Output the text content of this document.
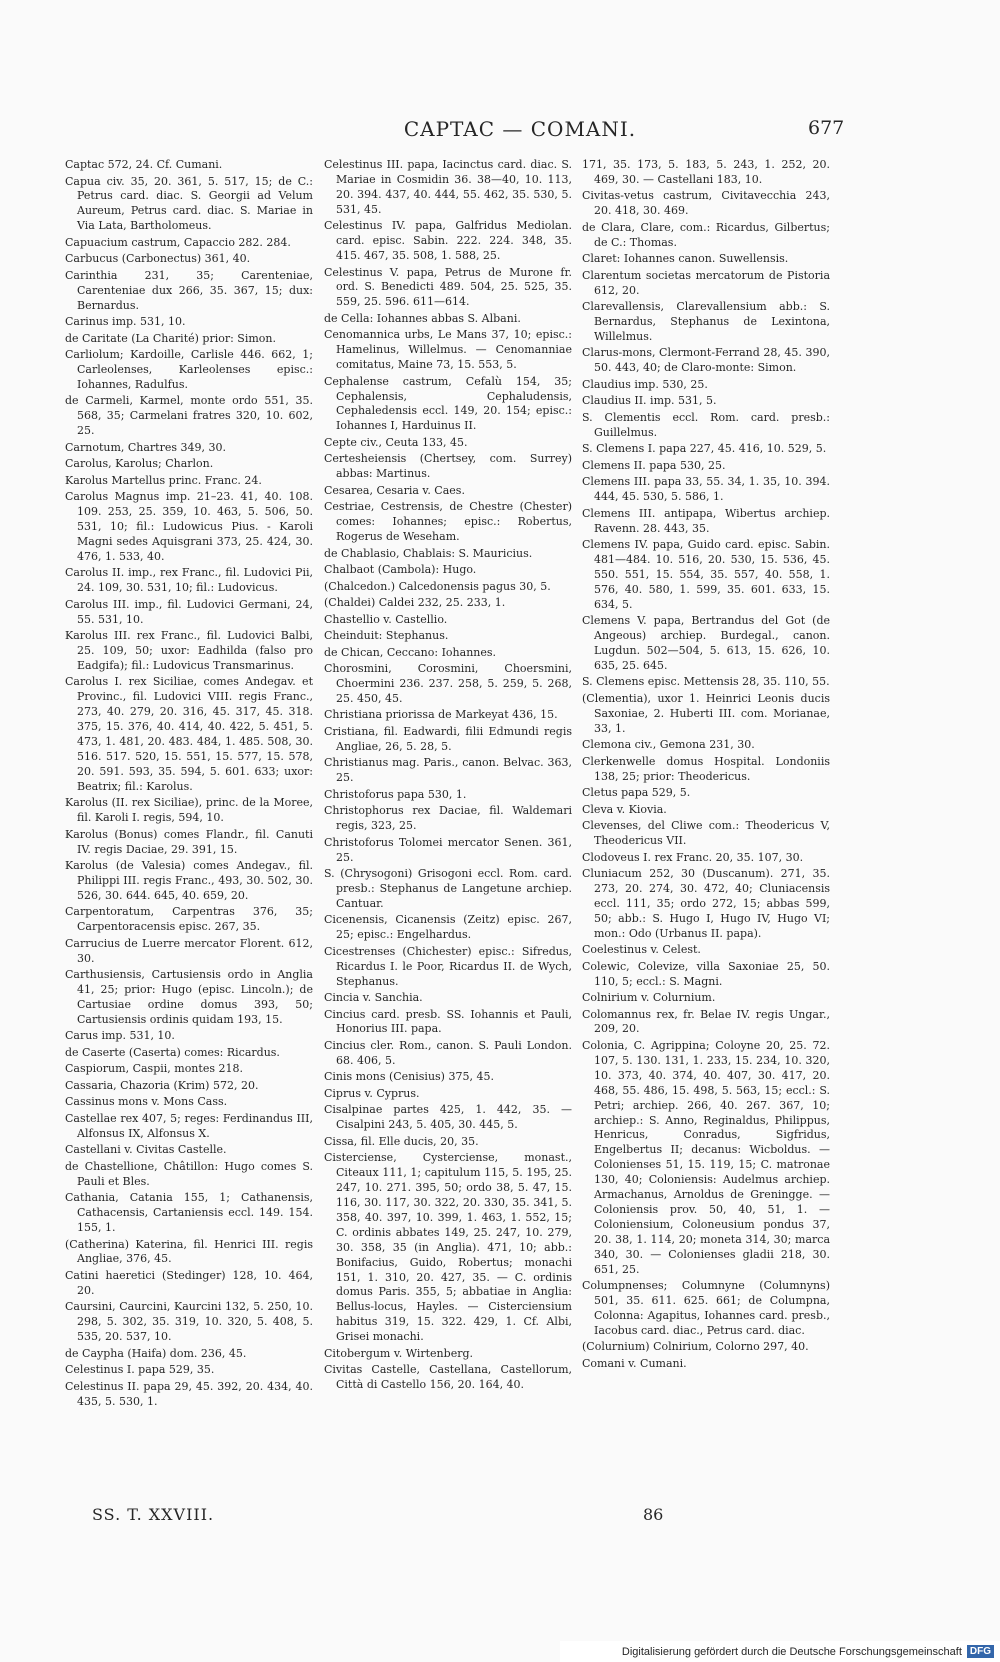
CAPTAC — COMANI.	677
Captac 572, 24. Cf. Cumani.
Capua civ. 35, 20. 361, 5. 517, 15; de C.: Petrus card. diac. S. Georgii ad Velum Aureum, Petrus card. diac. S. Mariae in Via Lata, Bartholomeus.
Capuacium castrum, Capaccio 282. 284.
Carbucus (Carbonectus) 361, 40.
Carinthia 231, 35; Carenteniae, Carenteniae dux 266, 35. 367, 15; dux: Bernardus.
Carinus imp. 531, 10.
de Caritate (La Charité) prior: Simon.
Carliolum; Kardoille, Carlisle 446. 662, 1; Carleolenses, Karleolenses episc.: Iohannes, Radulfus.
de Carmeli, Karmel, monte ordo 551, 35. 568, 35; Carmelani fratres 320, 10. 602, 25.
Carnotum, Chartres 349, 30.
Carolus, Karolus; Charlon.
Karolus Martellus princ. Franc. 24.
Carolus Magnus imp. 21–23. 41, 40. 108. 109. 253, 25. 359, 10. 463, 5. 506, 50. 531, 10; fil.: Ludowicus Pius. - Karoli Magni sedes Aquisgrani 373, 25. 424, 30. 476, 1. 533, 40.
Carolus II. imp., rex Franc., fil. Ludovici Pii, 24. 109, 30. 531, 10; fil.: Ludovicus.
Carolus III. imp., fil. Ludovici Germani, 24, 55. 531, 10.
Karolus III. rex Franc., fil. Ludovici Balbi, 25. 109, 50; uxor: Eadhilda (falso pro Eadgifa); fil.: Ludovicus Transmarinus.
Carolus I. rex Siciliae, comes Andegav. et Provinc., fil. Ludovici VIII. regis Franc., 273, 40. 279, 20. 316, 45. 317, 45. 318. 375, 15. 376, 40. 414, 40. 422, 5. 451, 5. 473, 1. 481, 20. 483. 484, 1. 485. 508, 30. 516. 517. 520, 15. 551, 15. 577, 15. 578, 20. 591. 593, 35. 594, 5. 601. 633; uxor: Beatrix; fil.: Karolus.
Karolus (II. rex Siciliae), princ. de la Moree, fil. Karoli I. regis, 594, 10.
Karolus (Bonus) comes Flandr., fil. Canuti IV. regis Daciae, 29. 391, 15.
Karolus (de Valesia) comes Andegav., fil. Philippi III. regis Franc., 493, 30. 502, 30. 526, 30. 644. 645, 40. 659, 20.
Carpentoratum, Carpentras 376, 35; Carpentoracensis episc. 267, 35.
Carrucius de Luerre mercator Florent. 612, 30.
Carthusiensis, Cartusiensis ordo in Anglia 41, 25; prior: Hugo (episc. Lincoln.); de Cartusiae ordine domus 393, 50; Cartusiensis ordinis quidam 193, 15.
Carus imp. 531, 10.
de Caserte (Caserta) comes: Ricardus.
Caspiorum, Caspii, montes 218.
Cassaria, Chazoria (Krim) 572, 20.
Cassinus mons v. Mons Cass.
Castellae rex 407, 5; reges: Ferdinandus III, Alfonsus IX, Alfonsus X.
Castellani v. Civitas Castelle.
de Chastellione, Châtillon: Hugo comes S. Pauli et Bles.
Cathania, Catania 155, 1; Cathanensis, Cathacensis, Cartaniensis eccl. 149. 154. 155, 1.
(Catherina) Katerina, fil. Henrici III. regis Angliae, 376, 45.
Catini haeretici (Stedinger) 128, 10. 464, 20.
Caursini, Caurcini, Kaurcini 132, 5. 250, 10. 298, 5. 302, 35. 319, 10. 320, 5. 408, 5. 535, 20. 537, 10.
de Caypha (Haifa) dom. 236, 45.
Celestinus I. papa 529, 35.
Celestinus II. papa 29, 45. 392, 20. 434, 40. 435, 5. 530, 1.
Celestinus III. papa, Iacinctus card. diac. S. Mariae in Cosmidin 36. 38—40, 10. 113, 20. 394. 437, 40. 444, 55. 462, 35. 530, 5. 531, 45.
Celestinus IV. papa, Galfridus Mediolan. card. episc. Sabin. 222. 224. 348, 35. 415. 467, 35. 508, 1. 588, 25.
Celestinus V. papa, Petrus de Murone fr. ord. S. Benedicti 489. 504, 25. 525, 35. 559, 25. 596. 611—614.
de Cella: Iohannes abbas S. Albani.
Cenomannica urbs, Le Mans 37, 10; episc.: Hamelinus, Willelmus. — Cenomanniae comitatus, Maine 73, 15. 553, 5.
Cephalense castrum, Cefalù 154, 35; Cephalensis, Cephaludensis, Cephaledensis eccl. 149, 20. 154; episc.: Iohannes I, Harduinus II.
Cepte civ., Ceuta 133, 45.
Certesheiensis (Chertsey, com. Surrey) abbas: Martinus.
Cesarea, Cesaria v. Caes.
Cestriae, Cestrensis, de Chestre (Chester) comes: Iohannes; episc.: Robertus, Rogerus de Weseham.
de Chablasio, Chablais: S. Mauricius.
Chalbaot (Cambola): Hugo.
(Chalcedon.) Calcedonensis pagus 30, 5.
(Chaldei) Caldei 232, 25. 233, 1.
Chastellio v. Castellio.
Cheinduit: Stephanus.
de Chican, Ceccano: Iohannes.
Chorosmini, Corosmini, Choersmini, Choermini 236. 237. 258, 5. 259, 5. 268, 25. 450, 45.
Christiana priorissa de Markeyat 436, 15.
Cristiana, fil. Eadwardi, filii Edmundi regis Angliae, 26, 5. 28, 5.
Christianus mag. Paris., canon. Belvac. 363, 25.
Christoforus papa 530, 1.
Christophorus rex Daciae, fil. Waldemari regis, 323, 25.
Christoforus Tolomei mercator Senen. 361, 25.
S. (Chrysogoni) Grisogoni eccl. Rom. card. presb.: Stephanus de Langetune archiep. Cantuar.
Cicenensis, Cicanensis (Zeitz) episc. 267, 25; episc.: Engelhardus.
Cicestrenses (Chichester) episc.: Sifredus, Ricardus I. le Poor, Ricardus II. de Wych, Stephanus.
Cincia v. Sanchia.
Cincius card. presb. SS. Iohannis et Pauli, Honorius III. papa.
Cincius cler. Rom., canon. S. Pauli London. 68. 406, 5.
Cinis mons (Cenisius) 375, 45.
Ciprus v. Cyprus.
Cisalpinae partes 425, 1. 442, 35. — Cisalpini 243, 5. 405, 30. 445, 5.
Cissa, fil. Elle ducis, 20, 35.
Cisterciense, Cysterciense, monast., Citeaux 111, 1; capitulum 115, 5. 195, 25. 247, 10. 271. 395, 50; ordo 38, 5. 47, 15. 116, 30. 117, 30. 322, 20. 330, 35. 341, 5. 358, 40. 397, 10. 399, 1. 463, 1. 552, 15; C. ordinis abbates 149, 25. 247, 10. 279, 30. 358, 35 (in Anglia). 471, 10; abb.: Bonifacius, Guido, Robertus; monachi 151, 1. 310, 20. 427, 35. — C. ordinis domus Paris. 355, 5; abbatiae in Anglia: Bellus-locus, Hayles. — Cisterciensium habitus 319, 15. 322. 429, 1. Cf. Albi, Grisei monachi.
Citobergum v. Wirtenberg.
Civitas Castelle, Castellana, Castellorum, Città di Castello 156, 20. 164, 40.
171, 35. 173, 5. 183, 5. 243, 1. 252, 20. 469, 30. — Castellani 183, 10.
Civitas-vetus castrum, Civitavecchia 243, 20. 418, 30. 469.
de Clara, Clare, com.: Ricardus, Gilbertus; de C.: Thomas.
Claret: Iohannes canon. Suwellensis.
Clarentum societas mercatorum de Pistoria 612, 20.
Clarevallensis, Clarevallensium abb.: S. Bernardus, Stephanus de Lexintona, Willelmus.
Clarus-mons, Clermont-Ferrand 28, 45. 390, 50. 443, 40; de Claro-monte: Simon.
Claudius imp. 530, 25.
Claudius II. imp. 531, 5.
S. Clementis eccl. Rom. card. presb.: Guillelmus.
S. Clemens I. papa 227, 45. 416, 10. 529, 5.
Clemens II. papa 530, 25.
Clemens III. papa 33, 55. 34, 1. 35, 10. 394. 444, 45. 530, 5. 586, 1.
Clemens III. antipapa, Wibertus archiep. Ravenn. 28. 443, 35.
Clemens IV. papa, Guido card. episc. Sabin. 481—484. 10. 516, 20. 530, 15. 536, 45. 550. 551, 15. 554, 35. 557, 40. 558, 1. 576, 40. 580, 1. 599, 35. 601. 633, 15. 634, 5.
Clemens V. papa, Bertrandus del Got (de Angeous) archiep. Burdegal., canon. Lugdun. 502—504, 5. 613, 15. 626, 10. 635, 25. 645.
S. Clemens episc. Mettensis 28, 35. 110, 55.
(Clementia), uxor 1. Heinrici Leonis ducis Saxoniae, 2. Huberti III. com. Morianae, 33, 1.
Clemona civ., Gemona 231, 30.
Clerkenwelle domus Hospital. Londoniis 138, 25; prior: Theodericus.
Cletus papa 529, 5.
Cleva v. Kiovia.
Clevenses, del Cliwe com.: Theodericus V, Theodericus VII.
Clodoveus I. rex Franc. 20, 35. 107, 30.
Cluniacum 252, 30 (Duscanum). 271, 35. 273, 20. 274, 30. 472, 40; Cluniacensis eccl. 111, 35; ordo 272, 15; abbas 599, 50; abb.: S. Hugo I, Hugo IV, Hugo VI; mon.: Odo (Urbanus II. papa).
Coelestinus v. Celest.
Colewic, Colevize, villa Saxoniae 25, 50. 110, 5; eccl.: S. Magni.
Colnirium v. Colurnium.
Colomannus rex, fr. Belae IV. regis Ungar., 209, 20.
Colonia, C. Agrippina; Coloyne 20, 25. 72. 107, 5. 130. 131, 1. 233, 15. 234, 10. 320, 10. 373, 40. 374, 40. 407, 30. 417, 20. 468, 55. 486, 15. 498, 5. 563, 15; eccl.: S. Petri; archiep. 266, 40. 267. 367, 10; archiep.: S. Anno, Reginaldus, Philippus, Henricus, Conradus, Sigfridus, Engelbertus II; decanus: Wicboldus. — Colonienses 51, 15. 119, 15; C. matronae 130, 40; Coloniensis: Audelmus archiep. Armachanus, Arnoldus de Greningge. — Coloniensis prov. 50, 40, 51, 1. — Coloniensium, Coloneusium pondus 37, 20. 38, 1. 114, 20; moneta 314, 30; marca 340, 30. — Colonienses gladii 218, 30. 651, 25.
Columpnenses; Columnyne (Columnyns) 501, 35. 611. 625. 661; de Columpna, Colonna: Agapitus, Iohannes card. presb., Iacobus card. diac., Petrus card. diac.
(Colurnium) Colnirium, Colorno 297, 40.
Comani v. Cumani.
SS. T. XXVIII.	86
Digitalisierung gefördert durch die Deutsche Forschungsgemeinschaft DFG
